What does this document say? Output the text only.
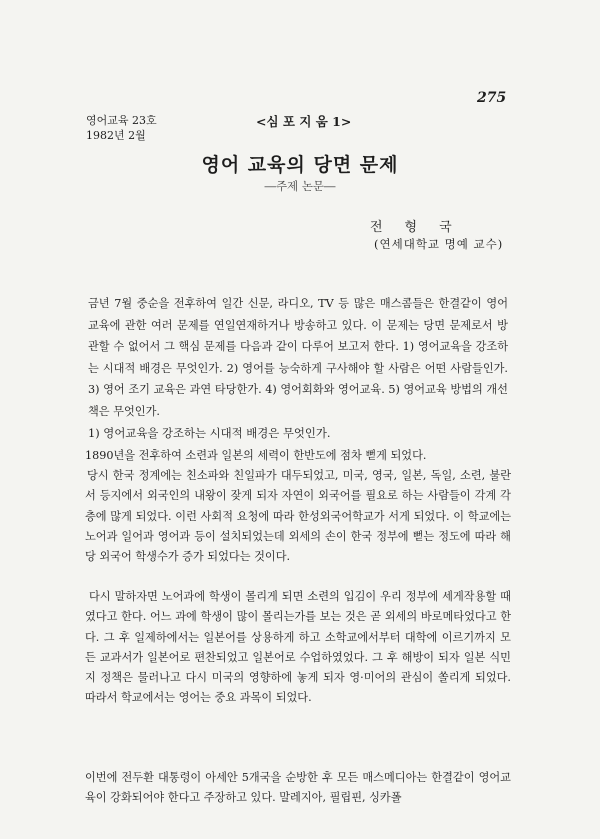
275
영어교육 23호
1982년 2월
<심 포 지 움 1>
영어 교육의 당면 문제
―주제 논문―
전형국
(연세대학교 명예 교수)

금년 7월 중순을 전후하여 일간 신문, 라디오, TV 등 많은 매스콤들은 한결같이 영어 교육에 관한 여러 문제를 연일연재하거나 방송하고 있다. 이 문제는 당면 문제로서 방관할 수 없어서 그 핵심 문제를 다음과 같이 다루어 보고저 한다. 1) 영어교육을 강조하는 시대적 배경은 무엇인가. 2) 영어를 능숙하게 구사해야 할 사람은 어떤 사람들인가. 3) 영어 조기 교육은 과연 타당한가. 4) 영어회화와 영어교육. 5) 영어교육 방법의 개선책은 무엇인가.

1) 영어교육을 강조하는 시대적 배경은 무엇인가.

1890년을 전후하여 소련과 일본의 세력이 한반도에 점차 뻗게 되었다.

당시 한국 정계에는 친소파와 친일파가 대두되었고, 미국, 영국, 일본, 독일, 소련, 불란서 등지에서 외국인의 내왕이 잦게 되자 자연이 외국어를 필요로 하는 사람들이 각계 각층에 많게 되었다. 이런 사회적 요청에 따라 한성외국어학교가 서게 되었다. 이 학교에는 노어과 일어과 영어과 등이 설치되었는데 외세의 손이 한국 정부에 뻗는 정도에 따라 해당 외국어 학생수가 증가 되었다는 것이다.

다시 말하자면 노어과에 학생이 몰리게 되면 소련의 입김이 우리 정부에 세게작용할 때였다고 한다. 어느 과에 학생이 많이 몰리는가를 보는 것은 곧 외세의 바로메타었다고 한다. 그 후 일제하에서는 일본어를 상용하게 하고 소학교에서부터 대학에 이르기까지 모든 교과서가 일본어로 편찬되었고 일본어로 수업하였었다. 그 후 해방이 되자 일본 식민지 정책은 물러나고 다시 미국의 영향하에 놓게 되자 영·미어의 관심이 쏠리게 되었다. 따라서 학교에서는 영어는 중요 과목이 되었다.

이번에 전두환 대통령이 아세안 5개국을 순방한 후 모든 매스메디아는 한결같이 영어교육이 강화되어야 한다고 주장하고 있다. 말레지아, 필립핀, 싱카폴
